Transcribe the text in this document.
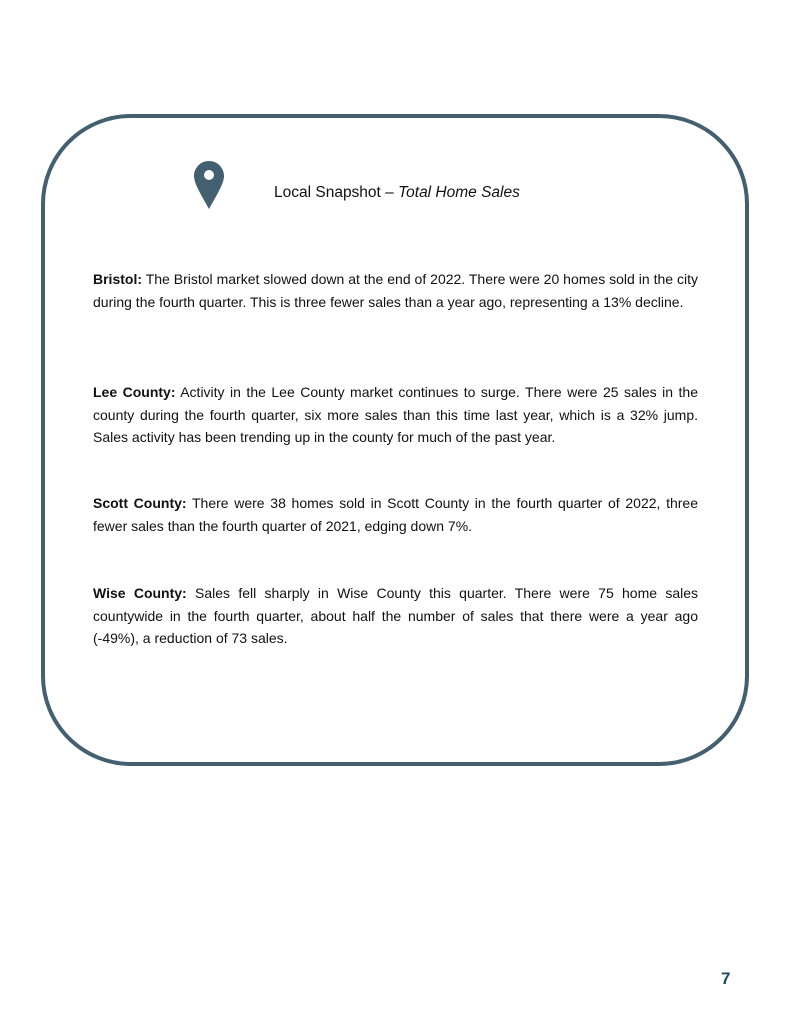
Local Snapshot – Total Home Sales

Bristol: The Bristol market slowed down at the end of 2022. There were 20 homes sold in the city during the fourth quarter. This is three fewer sales than a year ago, representing a 13% decline.

Lee County: Activity in the Lee County market continues to surge. There were 25 sales in the county during the fourth quarter, six more sales than this time last year, which is a 32% jump. Sales activity has been trending up in the county for much of the past year.

Scott County: There were 38 homes sold in Scott County in the fourth quarter of 2022, three fewer sales than the fourth quarter of 2021, edging down 7%.

Wise County: Sales fell sharply in Wise County this quarter. There were 75 home sales countywide in the fourth quarter, about half the number of sales that there were a year ago (-49%), a reduction of 73 sales.

7
